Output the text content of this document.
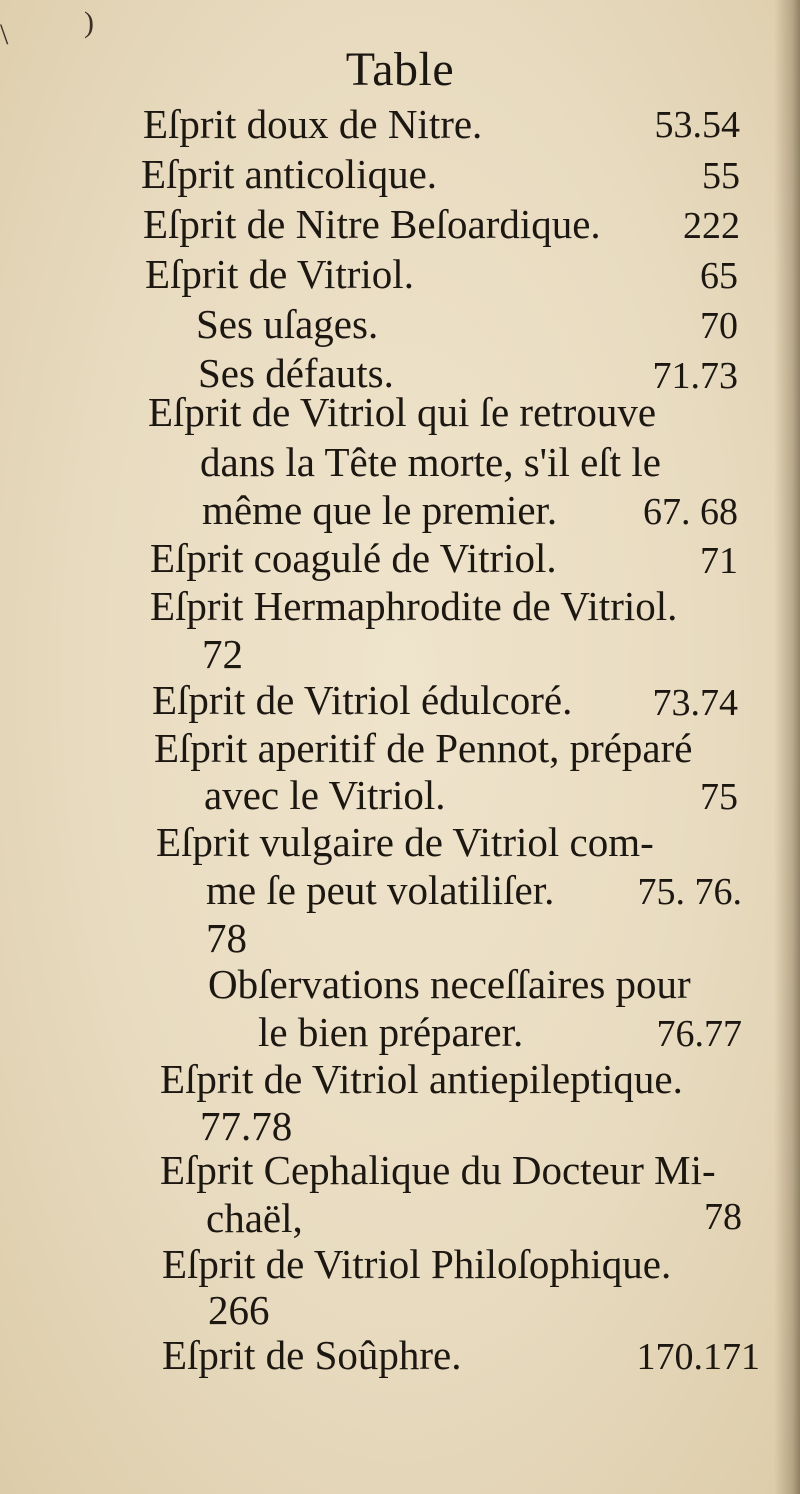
\	)
Table
Eſprit doux de Nitre.	53.54
Eſprit anticolique.	55
Eſprit de Nitre Beſoardique.	222
Eſprit de Vitriol.	65
Ses uſages.	70
Ses défauts.	71.73
Eſprit de Vitriol qui ſe retrouve
dans la Tête morte, s'il eſt le
même que le premier.	67. 68
Eſprit coagulé de Vitriol.	71
Eſprit Hermaphrodite de Vitriol.
72
Eſprit de Vitriol édulcoré.	73.74
Eſprit aperitif de Pennot, préparé
avec le Vitriol.	75
Eſprit vulgaire de Vitriol com-
me ſe peut volatiliſer.	75. 76.
78
Obſervations neceſſaires pour
le bien préparer.	76.77
Eſprit de Vitriol antiepileptique.
77.78
Eſprit Cephalique du Docteur Mi-
chaël,	78
Eſprit de Vitriol Philoſophique.
266
Eſprit de Soûphre.	170.171
